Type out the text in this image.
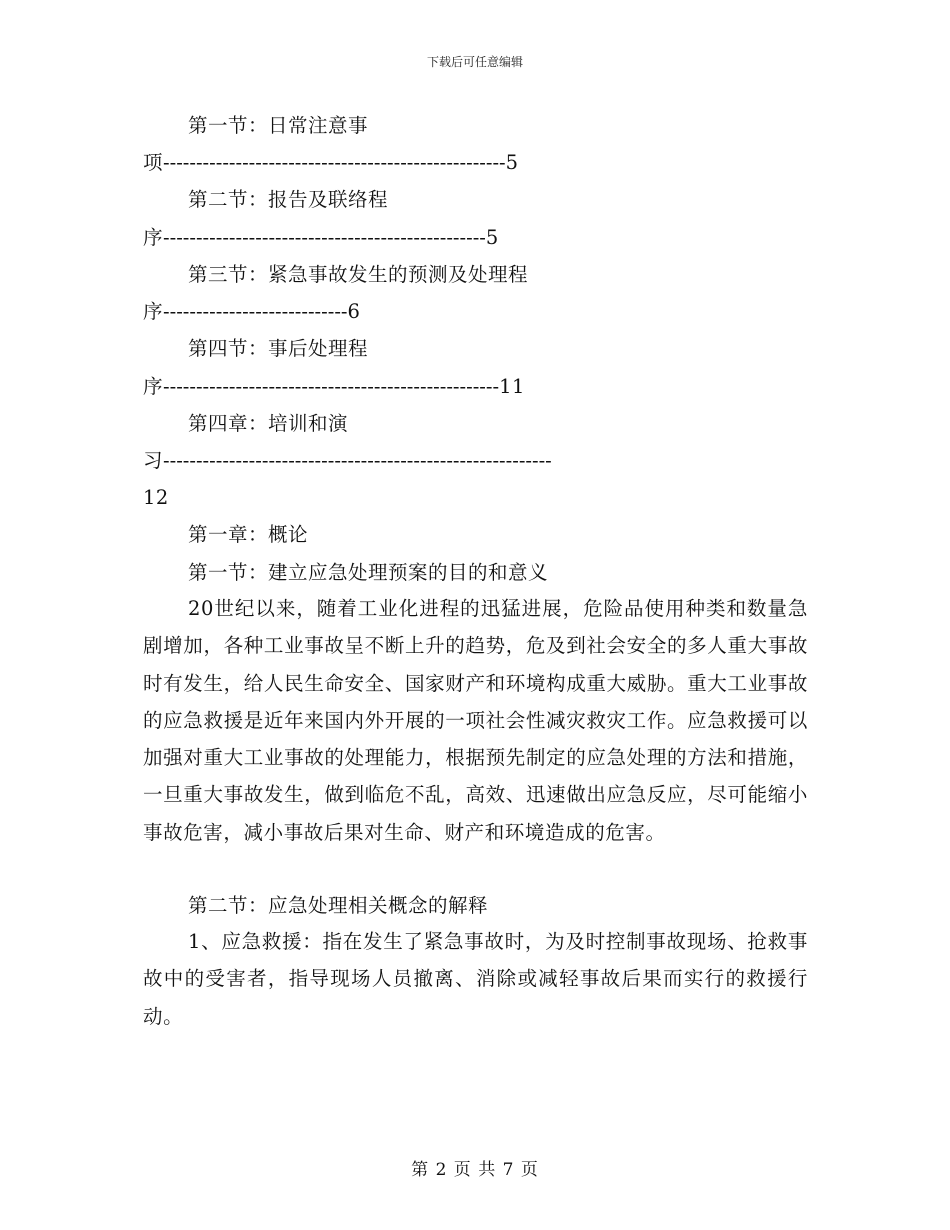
下载后可任意编辑
第一节：日常注意事
项----------------------------------------------------5
第二节：报告及联络程
序-------------------------------------------------5
第三节：紧急事故发生的预测及处理程
序----------------------------6
第四节：事后处理程
序---------------------------------------------------11
第四章：培训和演
习-----------------------------------------------------------
12
第一章：概论
第一节：建立应急处理预案的目的和意义
20世纪以来，随着工业化进程的迅猛进展，危险品使用种类和数量急剧增加，各种工业事故呈不断上升的趋势，危及到社会安全的多人重大事故时有发生，给人民生命安全、国家财产和环境构成重大威胁。重大工业事故的应急救援是近年来国内外开展的一项社会性减灾救灾工作。应急救援可以加强对重大工业事故的处理能力，根据预先制定的应急处理的方法和措施，一旦重大事故发生，做到临危不乱，高效、迅速做出应急反应，尽可能缩小事故危害，减小事故后果对生命、财产和环境造成的危害。
第二节：应急处理相关概念的解释
1、应急救援：指在发生了紧急事故时，为及时控制事故现场、抢救事故中的受害者，指导现场人员撤离、消除或减轻事故后果而实行的救援行动。
第 2 页 共 7 页
